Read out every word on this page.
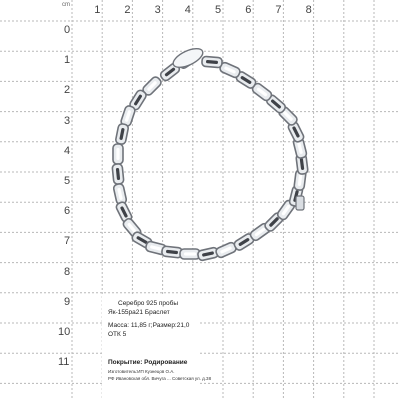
cm 1 2 3 4 5 6 7 8
0
1
2
3
4
5
6
7
8
9
10
11
Серебро 925 пробы
Як-155ра21 Браслет
Масса: 11,85 г;Размер:21,0
ОТК 5
Покрытие: Родирование
Изготовитель:ИП Кузнецов О.А.
РФ Ивановская обл. Вичуга ... Советская ул. д.38
